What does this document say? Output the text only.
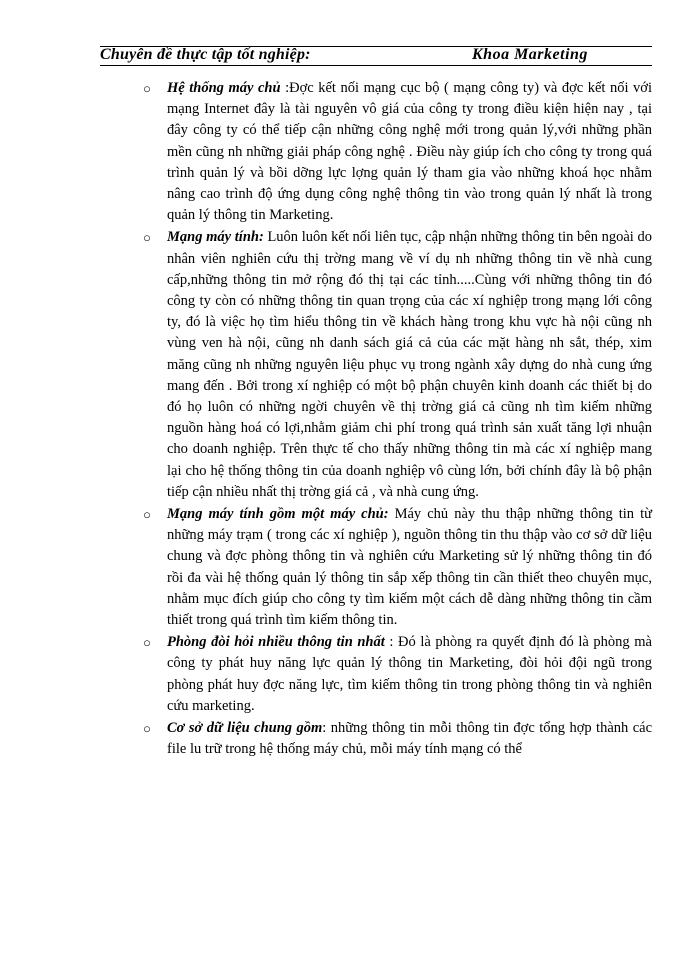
Chuyên đề thực tập tốt nghiệp:	Khoa Marketing
○ Hệ thống máy chủ :Đợc kết nối mạng cục bộ ( mạng công ty) và đợc kết nối với mạng Internet đây là tài nguyên vô giá của công ty trong điều kiện hiện nay , tại đây công ty có thể tiếp cận những công nghệ mới trong quản lý,với những phần mền cũng nh những giải pháp công nghệ . Điều này giúp ích cho công ty trong quá trình quản lý và bồi dỡng lực lợng quản lý tham gia vào những khoá học nhằm nâng cao trình độ ứng dụng công nghệ thông tin vào trong quản lý nhất là trong quản lý thông tin Marketing.
○ Mạng máy tính: Luôn luôn kết nối liên tục, cập nhận những thông tin bên ngoài do nhân viên nghiên cứu thị trờng mang về ví dụ nh những thông tin về nhà cung cấp,những thông tin mở rộng đó thị tại các tỉnh.....Cùng với những thông tin đó công ty còn có những thông tin quan trọng của các xí nghiệp trong mạng lới công ty, đó là việc họ tìm hiểu thông tin về khách hàng trong khu vực hà nội cũng nh vùng ven hà nội, cũng nh danh sách giá cả của các mặt hàng nh sắt, thép, xim măng cũng nh những nguyên liệu phục vụ trong ngành xây dựng do nhà cung ứng mang đến . Bởi trong xí nghiệp có một bộ phận chuyên kinh doanh các thiết bị do đó họ luôn có những ngời chuyên về thị trờng giá cả cũng nh tìm kiếm những nguồn hàng hoá có lợi,nhằm giảm chi phí trong quá trình sản xuất tăng lợi nhuận cho doanh nghiệp. Trên thực tế cho thấy những thông tin mà các xí nghiệp mang lại cho hệ thống thông tin của doanh nghiệp vô cùng lớn, bởi chính đây là bộ phận tiếp cận nhiều nhất thị trờng giá cả , và nhà cung ứng.
○ Mạng máy tính gồm một máy chủ: Máy chủ này thu thập những thông tin từ những máy trạm ( trong các xí nghiệp ), nguồn thông tin thu thập vào cơ sở dữ liệu chung và đợc phòng thông tin và nghiên cứu Marketing sử lý những thông tin đó rồi đa vài hệ thống quản lý thông tin sắp xếp thông tin cần thiết theo chuyên mục, nhằm mục đích giúp cho công ty tìm kiếm một cách dễ dàng những thông tin cầm thiết trong quá trình tìm kiếm thông tin.
○ Phòng đòi hỏi nhiều thông tin nhất : Đó là phòng ra quyết định đó là phòng mà công ty phát huy năng lực quản lý thông tin Marketing, đòi hỏi đội ngũ trong phòng phát huy đợc năng lực, tìm kiếm thông tin trong phòng thông tin và nghiên cứu marketing.
○ Cơ sở dữ liệu chung gồm: những thông tin mỗi thông tin đợc tổng hợp thành các file lu trữ trong hệ thống máy chủ, mỗi máy tính mạng có thể
